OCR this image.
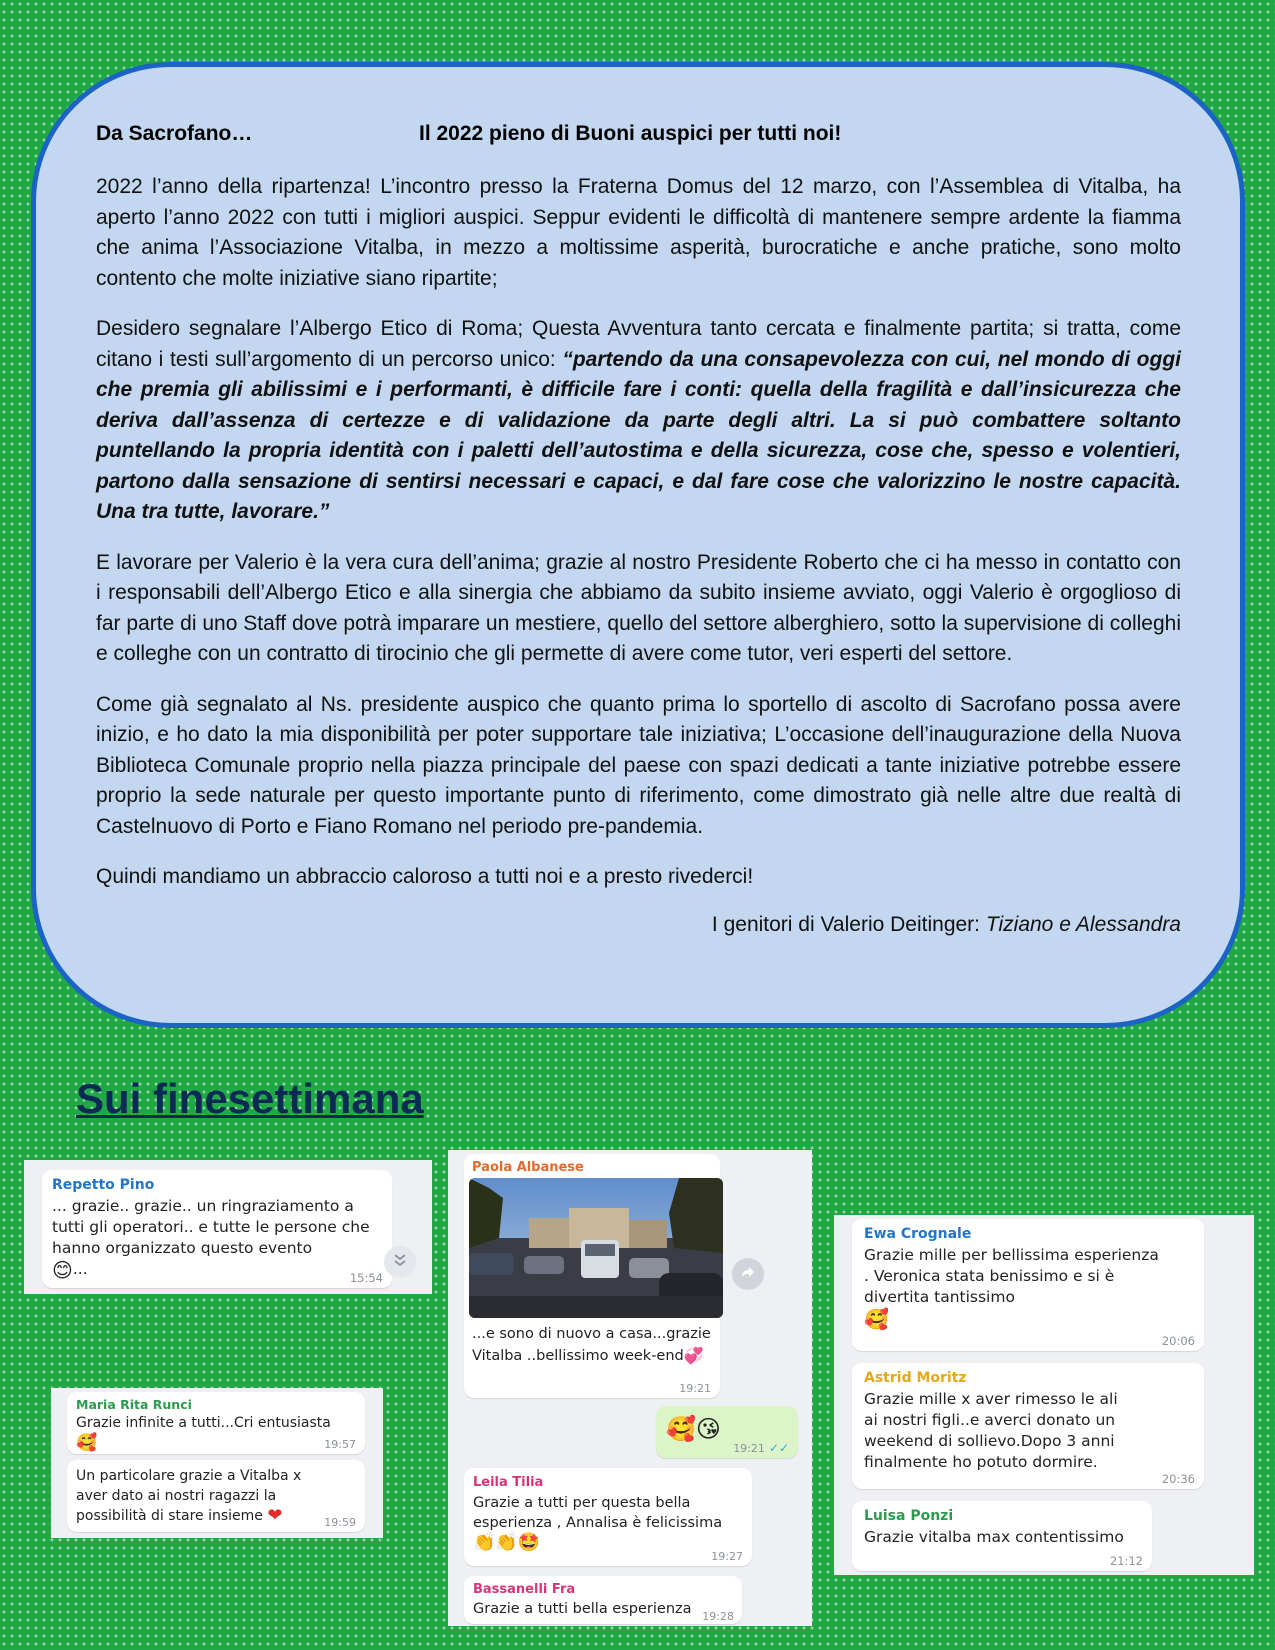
Da Sacrofano…	Il 2022 pieno di Buoni auspici per tutti noi!

2022 l’anno della ripartenza! L’incontro presso la Fraterna Domus del 12 marzo, con l’Assemblea di Vitalba, ha aperto l’anno 2022 con tutti i migliori auspici. Seppur evidenti le difficoltà di mantenere sempre ardente la fiamma che anima l’Associazione Vitalba, in mezzo a moltissime asperità, burocratiche e anche pratiche, sono molto contento che molte iniziative siano ripartite;

Desidero segnalare l’Albergo Etico di Roma; Questa Avventura tanto cercata e finalmente partita; si tratta, come citano i testi sull’argomento di un percorso unico: “partendo da una consapevolezza con cui, nel mondo di oggi che premia gli abilissimi e i performanti, è difficile fare i conti: quella della fragilità e dall’insicurezza che deriva dall’assenza di certezze e di validazione da parte degli altri. La si può combattere soltanto puntellando la propria identità con i paletti dell’autostima e della sicurezza, cose che, spesso e volentieri, partono dalla sensazione di sentirsi necessari e capaci, e dal fare cose che valorizzino le nostre capacità. Una tra tutte, lavorare.”

E lavorare per Valerio è la vera cura dell’anima; grazie al nostro Presidente Roberto che ci ha messo in contatto con i responsabili dell’Albergo Etico e alla sinergia che abbiamo da subito insieme avviato, oggi Valerio è orgoglioso di far parte di uno Staff dove potrà imparare un mestiere, quello del settore alberghiero, sotto la supervisione di colleghi e colleghe con un contratto di tirocinio che gli permette di avere come tutor, veri esperti del settore.

Come già segnalato al Ns. presidente auspico che quanto prima lo sportello di ascolto di Sacrofano possa avere inizio, e ho dato la mia disponibilità per poter supportare tale iniziativa; L’occasione dell’inaugurazione della Nuova Biblioteca Comunale proprio nella piazza principale del paese con spazi dedicati a tante iniziative potrebbe essere proprio la sede naturale per questo importante punto di riferimento, come dimostrato già nelle altre due realtà di Castelnuovo di Porto e Fiano Romano nel periodo pre-pandemia.

Quindi mandiamo un abbraccio caloroso a tutti noi e a presto rivederci!

I genitori di Valerio Deitinger: Tiziano e Alessandra
Sui finesettimana
Repetto Pino
... grazie.. grazie.. un ringraziamento a tutti gli operatori.. e tutte le persone che hanno organizzato questo evento
😊...	15:54
Maria Rita Runci
Grazie infinite a tutti...Cri entusiasta
🥰	19:57
Un particolare grazie a Vitalba x aver dato ai nostri ragazzi la possibilità di stare insieme ❤	19:59
Paola Albanese
...e sono di nuovo a casa...grazie Vitalba ..bellissimo week-end💞
19:21
🥰😘
19:21 ✓✓
Leila Tilia
Grazie a tutti per questa bella esperienza , Annalisa è felicissima
👏👏🤩
19:27
Bassanelli Fra
Grazie a tutti bella esperienza 19:28
Ewa Crognale
Grazie mille per bellissima esperienza . Veronica stata benissimo e si è divertita tantissimo
🥰
20:06
Astrid Moritz
Grazie mille x aver rimesso le ali ai nostri figli..e averci donato un weekend di sollievo.Dopo 3 anni finalmente ho potuto dormire.
20:36
Luisa Ponzi
Grazie vitalba max contentissimo
21:12
